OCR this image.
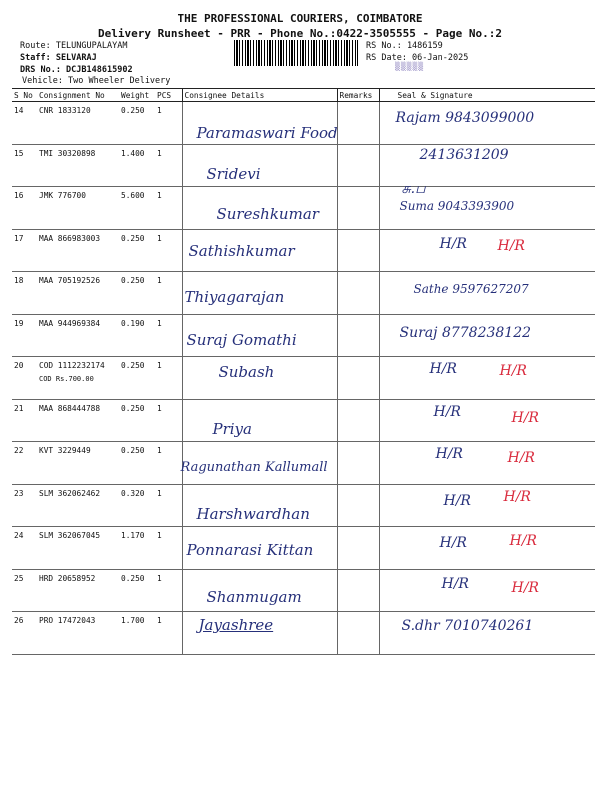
THE PROFESSIONAL COURIERS, COIMBATORE
Delivery Runsheet - PRR - Phone No.:0422-3505555 - Page No.:2
Route: TELUNGUPALAYAM
Staff: SELVARAJ
DRS No.: DCJB148615902
Vehicle: Two Wheeler Delivery
RS No.: 1486159
RS Date: 06-Jan-2025
▒▒▒▒▒
S No	Consignment No	Weight	PCS	Consignee Details	Remarks	Seal & Signature
14	CNR 1833120	0.250	1	Paramaswari Food		Rajam 9843099000

15	TMI 30320898	1.400	1	Sridevi		2413631209

16	JMK 776700	5.600	1	Sureshkumar		சு.ப
Suma 9043393900

17	MAA 866983003	0.250	1	Sathishkumar		H/R H/R

18	MAA 705192526	0.250	1	Thiyagarajan		Sathe 9597627207

19	MAA 944969384	0.190	1	Suraj Gomathi		Suraj 8778238122

20	COD 1112232174
COD Rs.700.00	0.250	1	Subash		H/R H/R

21	MAA 868444788	0.250	1	Priya		H/R H/R

22	KVT 3229449	0.250	1	Ragunathan Kallumall		H/R H/R

23	SLM 362062462	0.320	1	Harshwardhan		H/R H/R

24	SLM 362067045	1.170	1	Ponnarasi Kittan		H/R H/R

25	HRD 20658952	0.250	1	Shanmugam		H/R H/R

26	PRO 17472043	1.700	1	Jayashree		S.dhr 7010740261
